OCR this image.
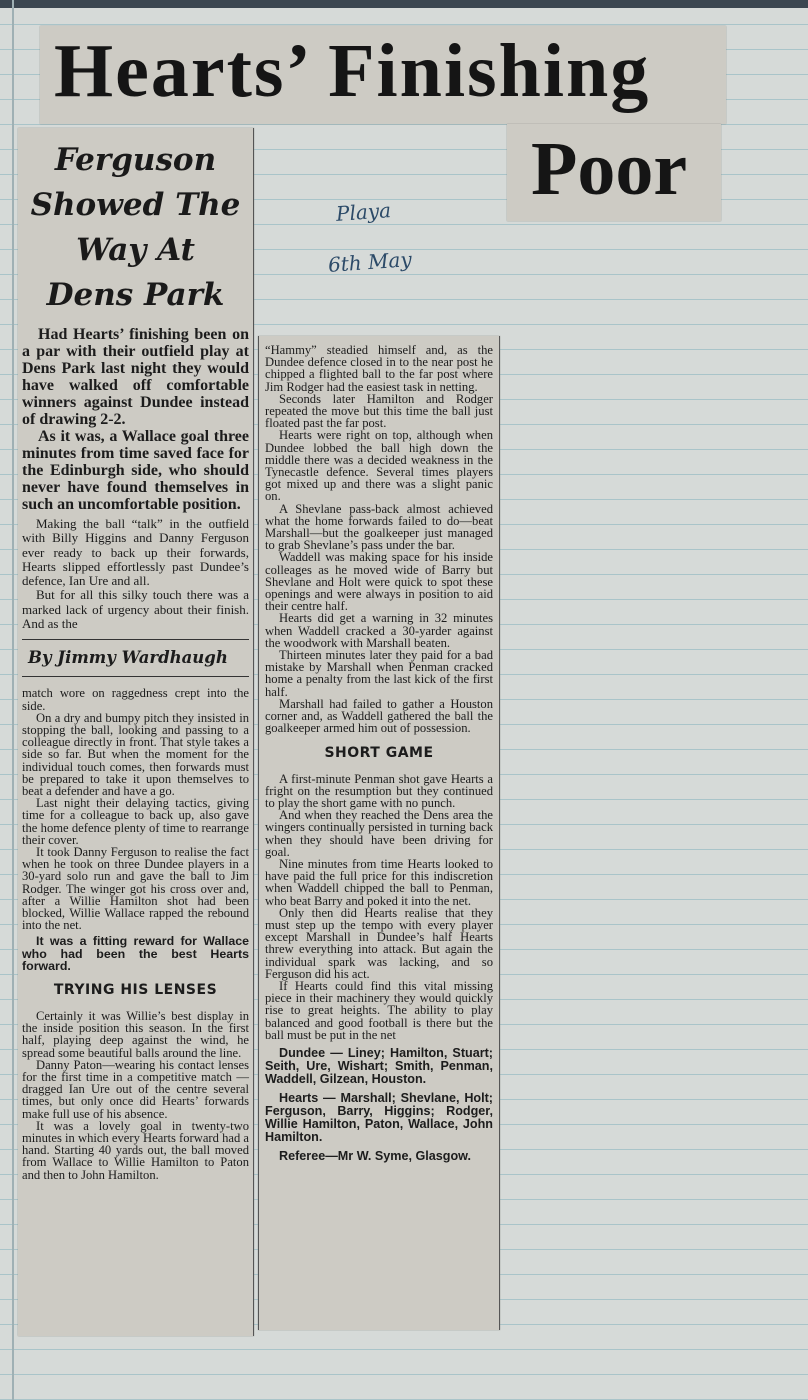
Hearts’ Finishing
Poor
Playa
6th May
Ferguson
Showed The
Way At
Dens Park

Had Hearts’ finishing been on a par with their outfield play at Dens Park last night they would have walked off comfortable winners against Dundee instead of drawing 2-2.

As it was, a Wallace goal three minutes from time saved face for the Edinburgh side, who should never have found themselves in such an uncomfortable position.

Making the ball “talk” in the outfield with Billy Higgins and Danny Ferguson ever ready to back up their forwards, Hearts slipped effortlessly past Dundee’s defence, Ian Ure and all.

But for all this silky touch there was a marked lack of urgency about their finish. And as the

By Jimmy Wardhaugh

match wore on raggedness crept into the side.

On a dry and bumpy pitch they insisted in stopping the ball, looking and passing to a colleague directly in front. That style takes a side so far. But when the moment for the individual touch comes, then forwards must be prepared to take it upon themselves to beat a defender and have a go.

Last night their delaying tactics, giving time for a colleague to back up, also gave the home defence plenty of time to rearrange their cover.

It took Danny Ferguson to realise the fact when he took on three Dundee players in a 30-yard solo run and gave the ball to Jim Rodger. The winger got his cross over and, after a Willie Hamilton shot had been blocked, Willie Wallace rapped the rebound into the net.

It was a fitting reward for Wallace who had been the best Hearts forward.

TRYING HIS LENSES

Certainly it was Willie’s best display in the inside position this season. In the first half, playing deep against the wind, he spread some beautiful balls around the line.

Danny Paton—wearing his contact lenses for the first time in a competitive match — dragged Ian Ure out of the centre several times, but only once did Hearts’ forwards make full use of his absence.

It was a lovely goal in twenty-two minutes in which every Hearts forward had a hand. Starting 40 yards out, the ball moved from Wallace to Willie Hamilton to Paton and then to John Hamilton.

“Hammy” steadied himself and, as the Dundee defence closed in to the near post he chipped a flighted ball to the far post where Jim Rodger had the easiest task in netting.

Seconds later Hamilton and Rodger repeated the move but this time the ball just floated past the far post.

Hearts were right on top, although when Dundee lobbed the ball high down the middle there was a decided weakness in the Tynecastle defence. Several times players got mixed up and there was a slight panic on.

A Shevlane pass-back almost achieved what the home forwards failed to do—beat Marshall—but the goalkeeper just managed to grab Shevlane’s pass under the bar.

Waddell was making space for his inside colleages as he moved wide of Barry but Shevlane and Holt were quick to spot these openings and were always in position to aid their centre half.

Hearts did get a warning in 32 minutes when Waddell cracked a 30-yarder against the woodwork with Marshall beaten.

Thirteen minutes later they paid for a bad mistake by Marshall when Penman cracked home a penalty from the last kick of the first half.

Marshall had failed to gather a Houston corner and, as Waddell gathered the ball the goalkeeper armed him out of possession.

SHORT GAME

A first-minute Penman shot gave Hearts a fright on the resumption but they continued to play the short game with no punch.

And when they reached the Dens area the wingers continually persisted in turning back when they should have been driving for goal.

Nine minutes from time Hearts looked to have paid the full price for this indiscretion when Waddell chipped the ball to Penman, who beat Barry and poked it into the net.

Only then did Hearts realise that they must step up the tempo with every player except Marshall in Dundee’s half Hearts threw everything into attack. But again the individual spark was lacking, and so Ferguson did his act.

If Hearts could find this vital missing piece in their machinery they would quickly rise to great heights. The ability to play balanced and good football is there but the ball must be put in the net

Dundee — Liney; Hamilton, Stuart; Seith, Ure, Wishart; Smith, Penman, Waddell, Gilzean, Houston.

Hearts — Marshall; Shevlane, Holt; Ferguson, Barry, Higgins; Rodger, Willie Hamilton, Paton, Wallace, John Hamilton.

Referee—Mr W. Syme, Glasgow.
